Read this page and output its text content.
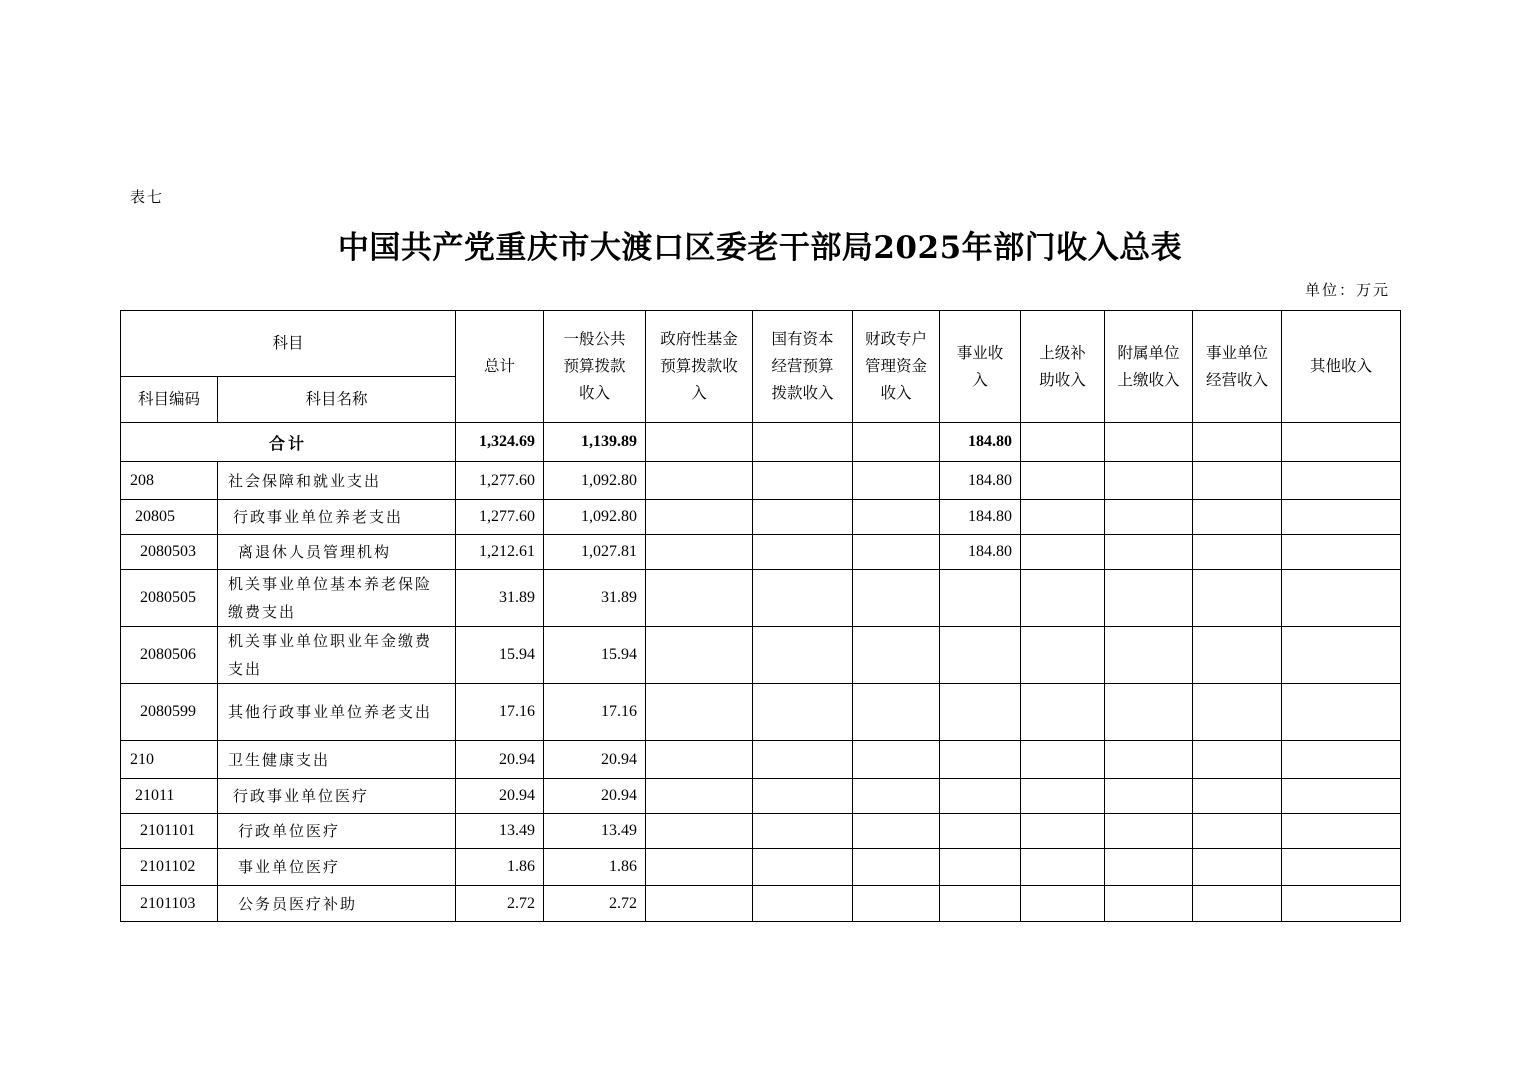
表七
中国共产党重庆市大渡口区委老干部局2025年部门收入总表
单位：万元
科目		总计	一般公共预算拨款收入	政府性基金预算拨款收入	国有资本经营预算拨款收入	财政专户管理资金收入	事业收入	上级补助收入	附属单位上缴收入	事业单位经营收入	其他收入
科目编码	科目名称										
合计		1,324.69	1,139.89				184.80				
208	社会保障和就业支出	1,277.60	1,092.80				184.80				
20805	行政事业单位养老支出	1,277.60	1,092.80				184.80				
2080503	离退休人员管理机构	1,212.61	1,027.81				184.80				
2080505	机关事业单位基本养老保险缴费支出	31.89	31.89								
2080506	机关事业单位职业年金缴费支出	15.94	15.94								
2080599	其他行政事业单位养老支出	17.16	17.16								
210	卫生健康支出	20.94	20.94								
21011	行政事业单位医疗	20.94	20.94								
2101101	行政单位医疗	13.49	13.49								
2101102	事业单位医疗	1.86	1.86								
2101103	公务员医疗补助	2.72	2.72								
